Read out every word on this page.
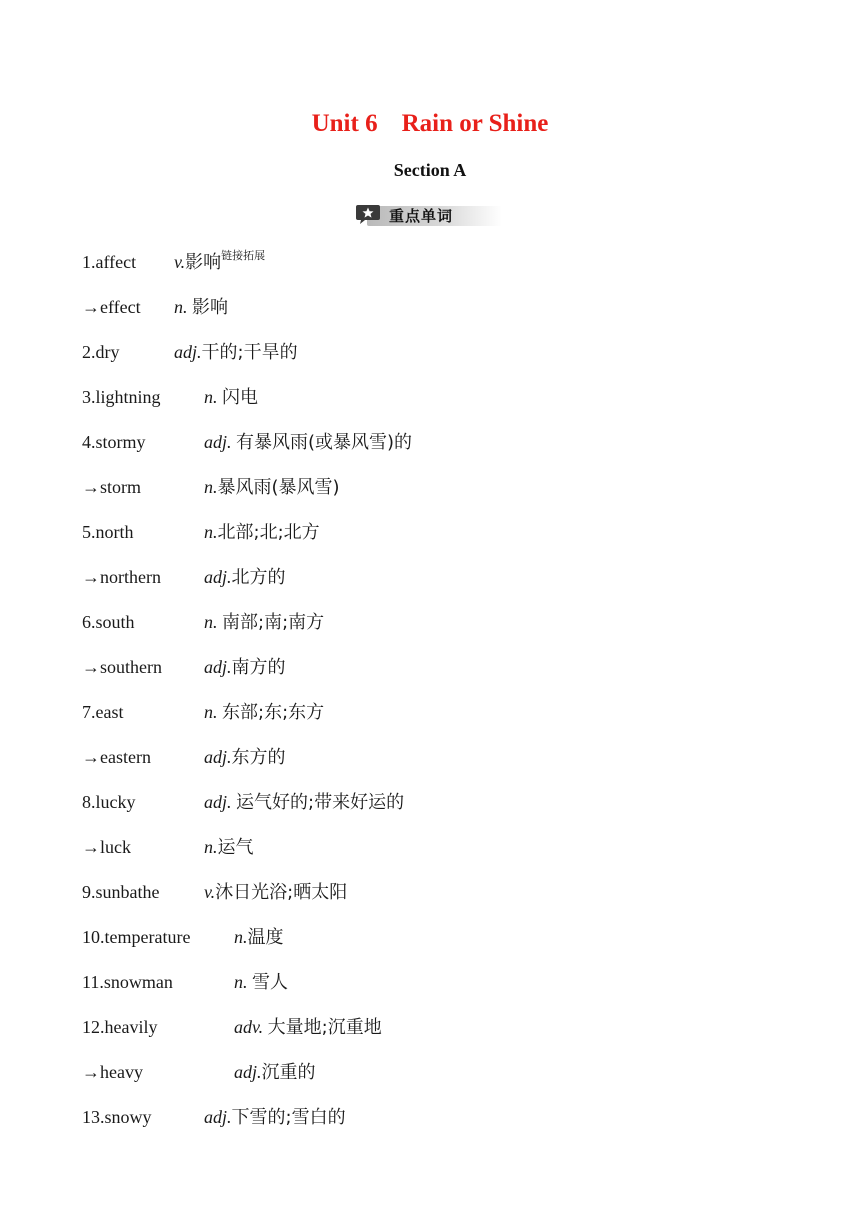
Unit 6 Rain or Shine
Section A
重点单词
1.affect v.影响$^{链接拓展}$
→effect n. 影响
2.dry	adj.干的;干旱的
3.lightning n. 闪电
4.stormy	adj. 有暴风雨(或暴风雪)的
→storm	n.暴风雨(暴风雪)
5.north	n.北部;北;北方
→northern adj.北方的
6.south	n. 南部;南;南方
→southern adj.南方的
7.east	n. 东部;东;东方
→eastern	adj.东方的
8.lucky	adj. 运气好的;带来好运的
→luck	n.运气
9.sunbathe v.沐日光浴;晒太阳
10.temperature n.温度
11.snowman	n. 雪人
12.heavily	adv. 大量地;沉重地
→heavy	adj.沉重的
13.snowy	adj.下雪的;雪白的
